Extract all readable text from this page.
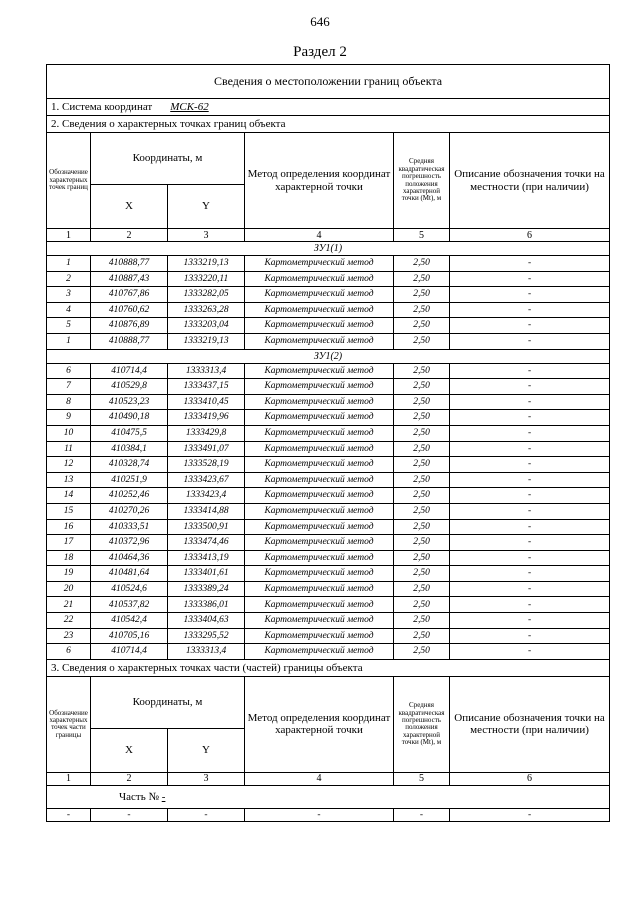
646
Раздел 2
Сведения о местоположении границ объекта					
1. Система координат МСК-62					
2. Сведения о характерных точках границ объекта					
Обозначение характерных точек границ	Координаты, м		Метод определения координат характерной точки	Средняя квадратическая погрешность положения характерной точки (Mt), м	Описание обозначения точки на местности (при наличии)
	X	Y			
1	2	3	4	5	6
ЗУ1(1)					
1	410888,77	1333219,13	Картометрический метод	2,50	-
2	410887,43	1333220,11	Картометрический метод	2,50	-
3	410767,86	1333282,05	Картометрический метод	2,50	-
4	410760,62	1333263,28	Картометрический метод	2,50	-
5	410876,89	1333203,04	Картометрический метод	2,50	-
1	410888,77	1333219,13	Картометрический метод	2,50	-
ЗУ1(2)					
6	410714,4	1333313,4	Картометрический метод	2,50	-
7	410529,8	1333437,15	Картометрический метод	2,50	-
8	410523,23	1333410,45	Картометрический метод	2,50	-
9	410490,18	1333419,96	Картометрический метод	2,50	-
10	410475,5	1333429,8	Картометрический метод	2,50	-
11	410384,1	1333491,07	Картометрический метод	2,50	-
12	410328,74	1333528,19	Картометрический метод	2,50	-
13	410251,9	1333423,67	Картометрический метод	2,50	-
14	410252,46	1333423,4	Картометрический метод	2,50	-
15	410270,26	1333414,88	Картометрический метод	2,50	-
16	410333,51	1333500,91	Картометрический метод	2,50	-
17	410372,96	1333474,46	Картометрический метод	2,50	-
18	410464,36	1333413,19	Картометрический метод	2,50	-
19	410481,64	1333401,61	Картометрический метод	2,50	-
20	410524,6	1333389,24	Картометрический метод	2,50	-
21	410537,82	1333386,01	Картометрический метод	2,50	-
22	410542,4	1333404,63	Картометрический метод	2,50	-
23	410705,16	1333295,52	Картометрический метод	2,50	-
6	410714,4	1333313,4	Картометрический метод	2,50	-
3. Сведения о характерных точках части (частей) границы объекта					
Обозначение характерных точек части границы	Координаты, м		Метод определения координат характерной точки	Средняя квадратическая погрешность положения характерной точки (Mt), м	Описание обозначения точки на местности (при наличии)
	X	Y			
1	2	3	4	5	6
Часть № -					
-	-	-	-	-	-
